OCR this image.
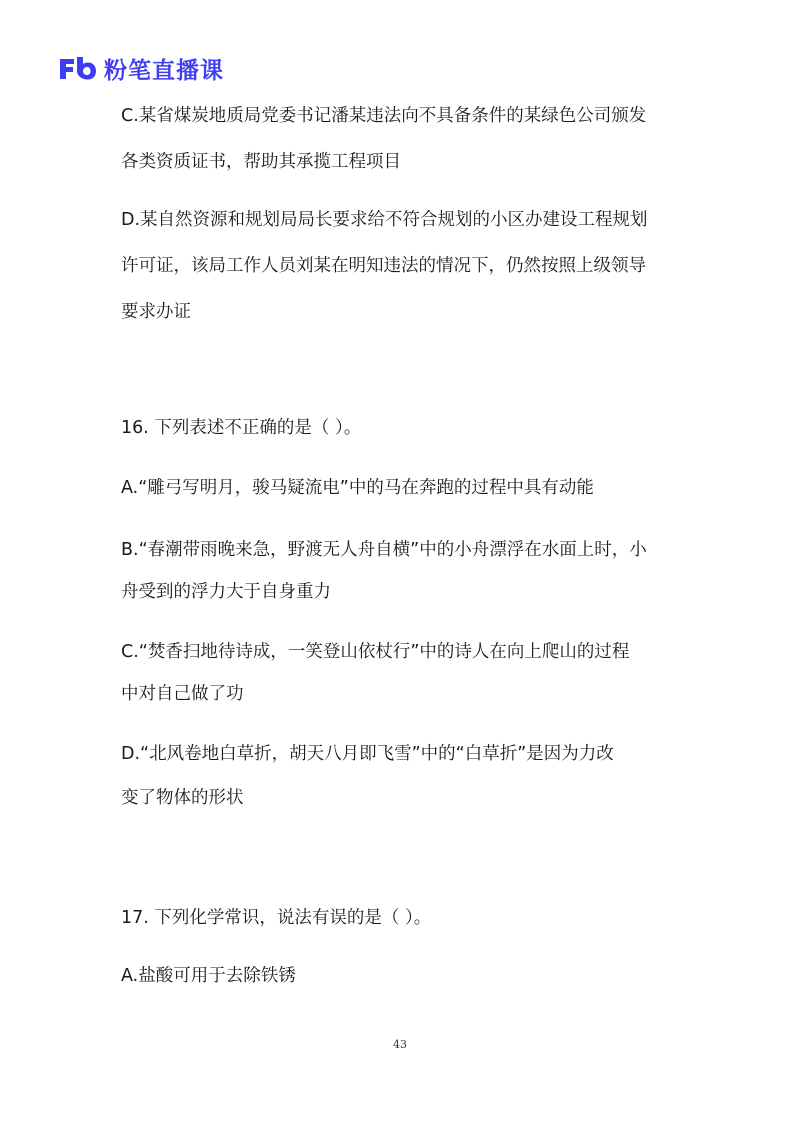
粉笔直播课
C.某省煤炭地质局党委书记潘某违法向不具备条件的某绿色公司颁发
各类资质证书，帮助其承揽工程项目
D.某自然资源和规划局局长要求给不符合规划的小区办建设工程规划
许可证，该局工作人员刘某在明知违法的情况下，仍然按照上级领导
要求办证
16. 下列表述不正确的是（ ）。
A.“雕弓写明月，骏马疑流电”中的马在奔跑的过程中具有动能
B.“春潮带雨晚来急，野渡无人舟自横”中的小舟漂浮在水面上时，小
舟受到的浮力大于自身重力
C.“焚香扫地待诗成，一笑登山依杖行”中的诗人在向上爬山的过程
中对自己做了功
D.“北风卷地白草折，胡天八月即飞雪”中的“白草折”是因为力改
变了物体的形状
17. 下列化学常识，说法有误的是（ ）。
A.盐酸可用于去除铁锈
43
